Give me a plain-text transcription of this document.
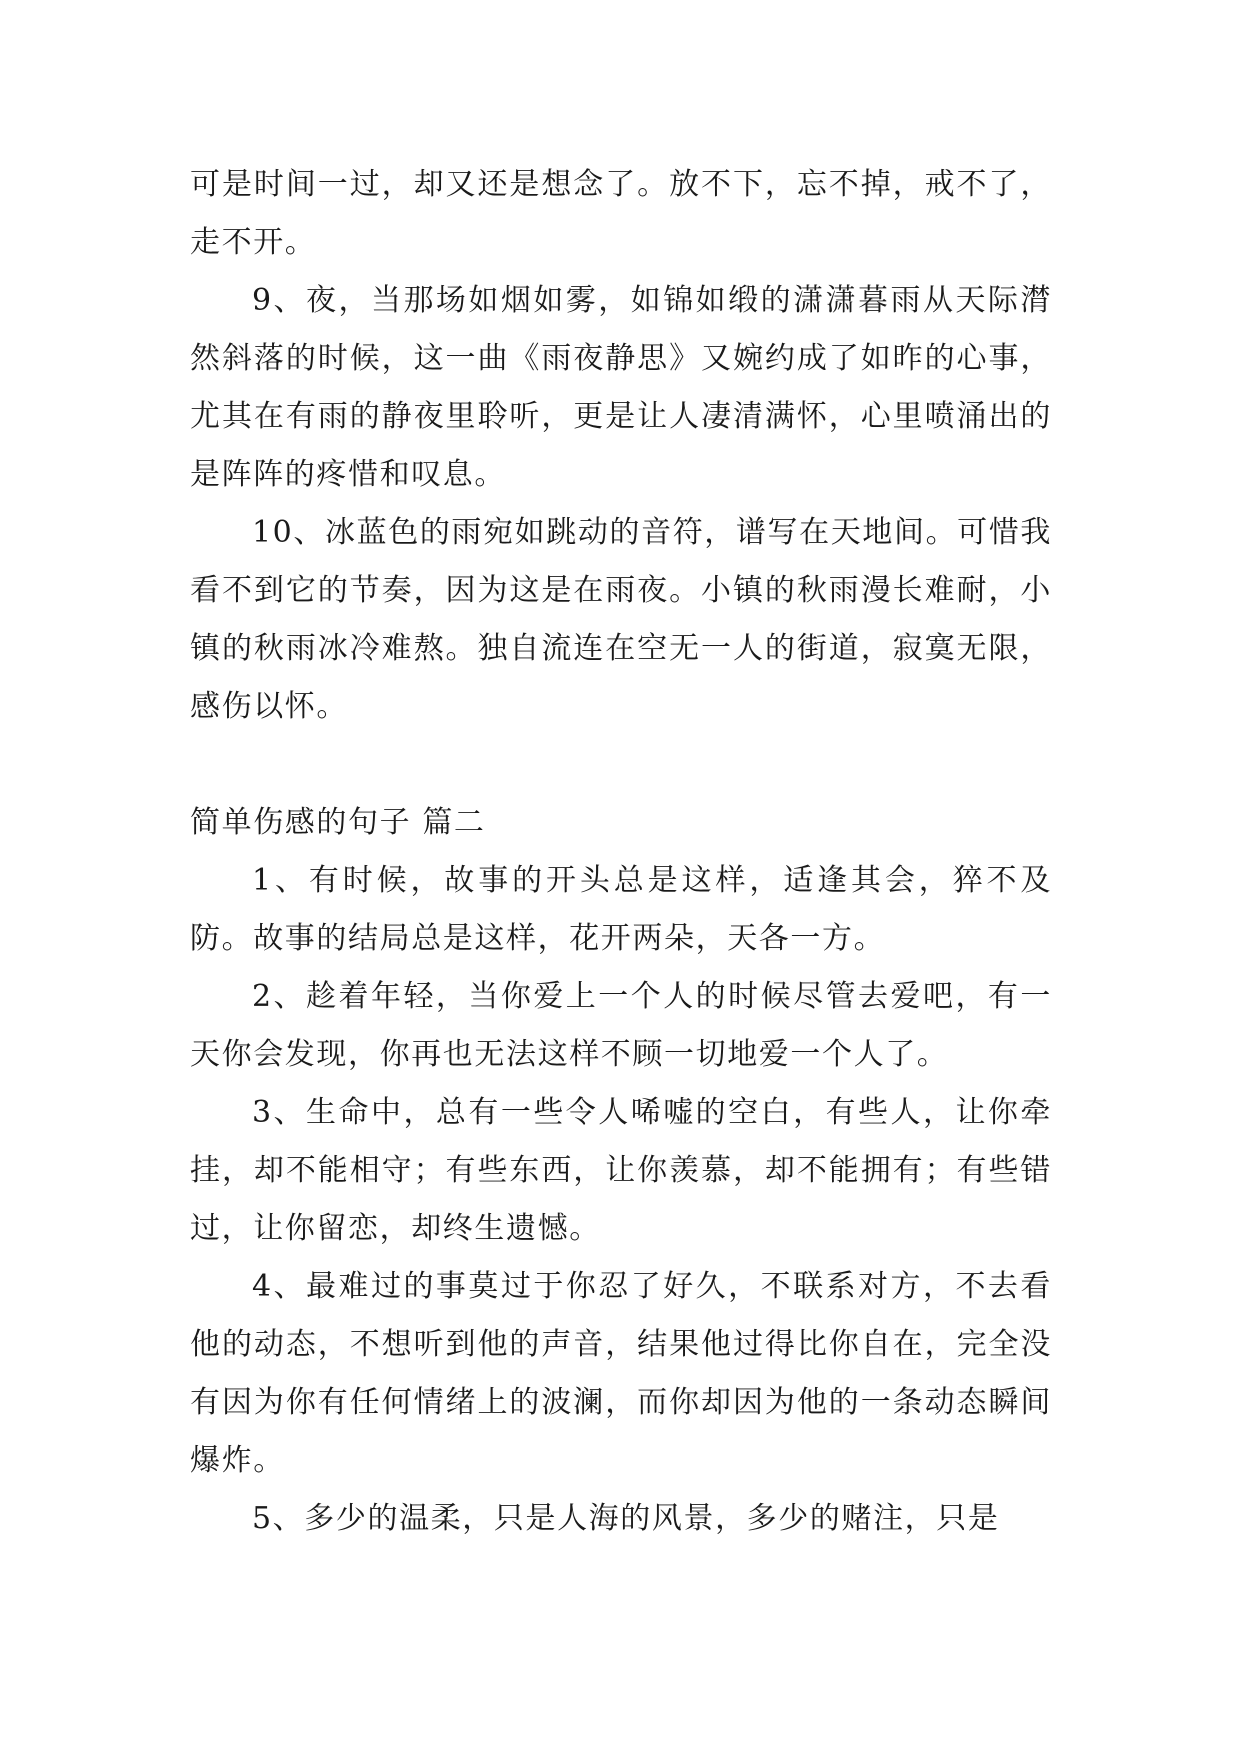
可是时间一过，却又还是想念了。放不下，忘不掉，戒不了，走不开。

9、夜，当那场如烟如雾，如锦如缎的潇潇暮雨从天际潸然斜落的时候，这一曲《雨夜静思》又婉约成了如昨的心事，尤其在有雨的静夜里聆听，更是让人凄清满怀，心里喷涌出的是阵阵的疼惜和叹息。

10、冰蓝色的雨宛如跳动的音符，谱写在天地间。可惜我看不到它的节奏，因为这是在雨夜。小镇的秋雨漫长难耐，小镇的秋雨冰冷难熬。独自流连在空无一人的街道，寂寞无限，感伤以怀。

简单伤感的句子 篇二

1、有时候，故事的开头总是这样，适逢其会，猝不及防。故事的结局总是这样，花开两朵，天各一方。

2、趁着年轻，当你爱上一个人的时候尽管去爱吧，有一天你会发现，你再也无法这样不顾一切地爱一个人了。

3、生命中，总有一些令人唏嘘的空白，有些人，让你牵挂，却不能相守；有些东西，让你羡慕，却不能拥有；有些错过，让你留恋，却终生遗憾。

4、最难过的事莫过于你忍了好久，不联系对方，不去看他的动态，不想听到他的声音，结果他过得比你自在，完全没有因为你有任何情绪上的波澜，而你却因为他的一条动态瞬间爆炸。

5、多少的温柔，只是人海的风景，多少的赌注，只是
